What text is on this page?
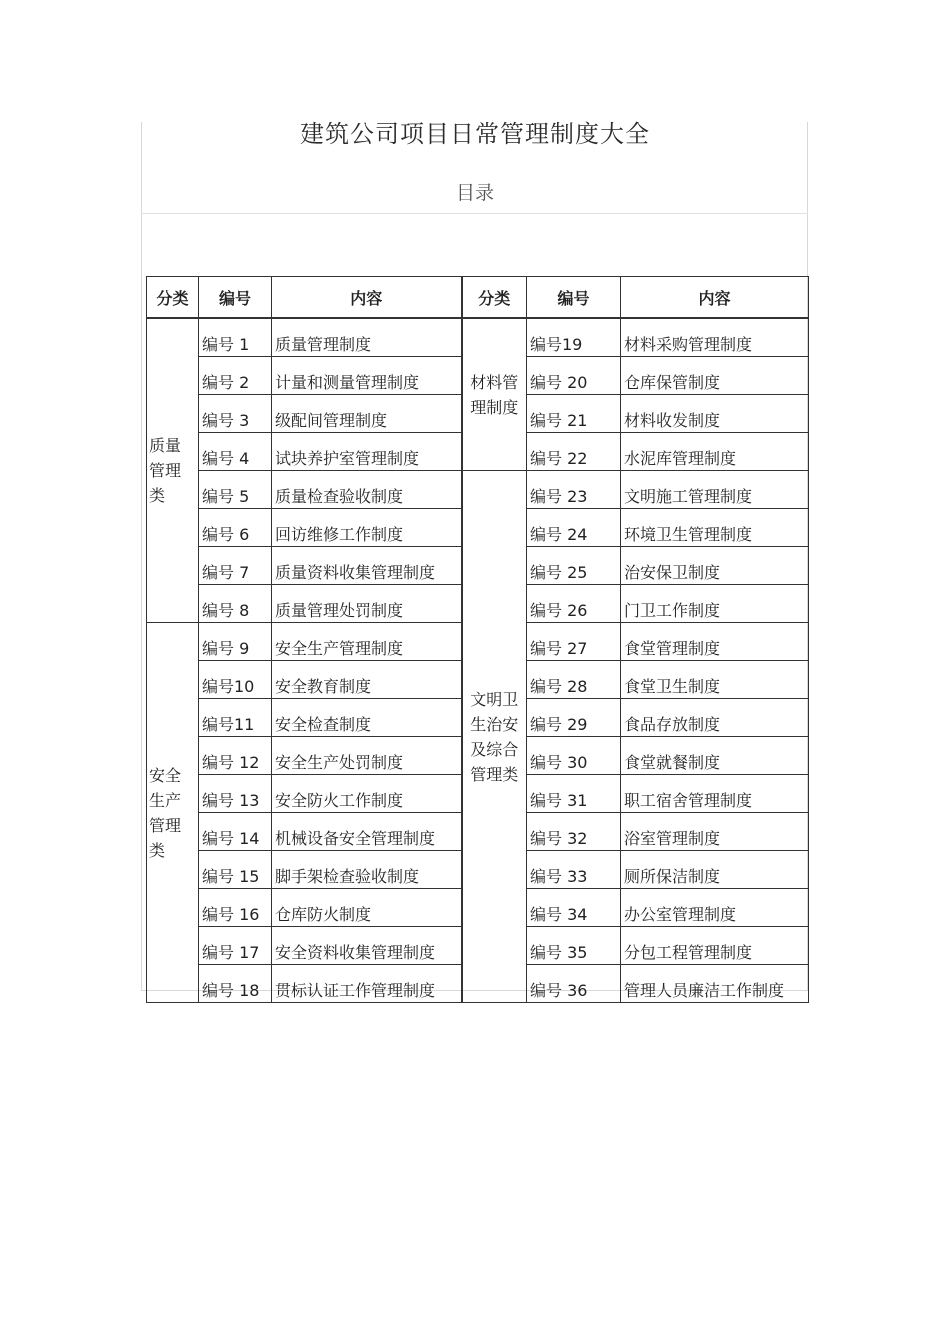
建筑公司项目日常管理制度大全
目录
分类	编号	内容	分类	编号	内容
质量管理类	编号 1	质量管理制度	材料管理制度	编号19	材料采购管理制度
	编号 2	计量和测量管理制度		编号 20	仓库保管制度
	编号 3	级配间管理制度		编号 21	材料收发制度
	编号 4	试块养护室管理制度		编号 22	水泥库管理制度
	编号 5	质量检查验收制度	文明卫生治安及综合管理类	编号 23	文明施工管理制度
	编号 6	回访维修工作制度		编号 24	环境卫生管理制度
	编号 7	质量资料收集管理制度		编号 25	治安保卫制度
	编号 8	质量管理处罚制度		编号 26	门卫工作制度
安全生产管理类	编号 9	安全生产管理制度		编号 27	食堂管理制度
	编号10	安全教育制度		编号 28	食堂卫生制度
	编号11	安全检查制度		编号 29	食品存放制度
	编号 12	安全生产处罚制度		编号 30	食堂就餐制度
	编号 13	安全防火工作制度		编号 31	职工宿舍管理制度
	编号 14	机械设备安全管理制度		编号 32	浴室管理制度
	编号 15	脚手架检查验收制度		编号 33	厕所保洁制度
	编号 16	仓库防火制度		编号 34	办公室管理制度
	编号 17	安全资料收集管理制度		编号 35	分包工程管理制度
	编号 18	贯标认证工作管理制度		编号 36	管理人员廉洁工作制度
